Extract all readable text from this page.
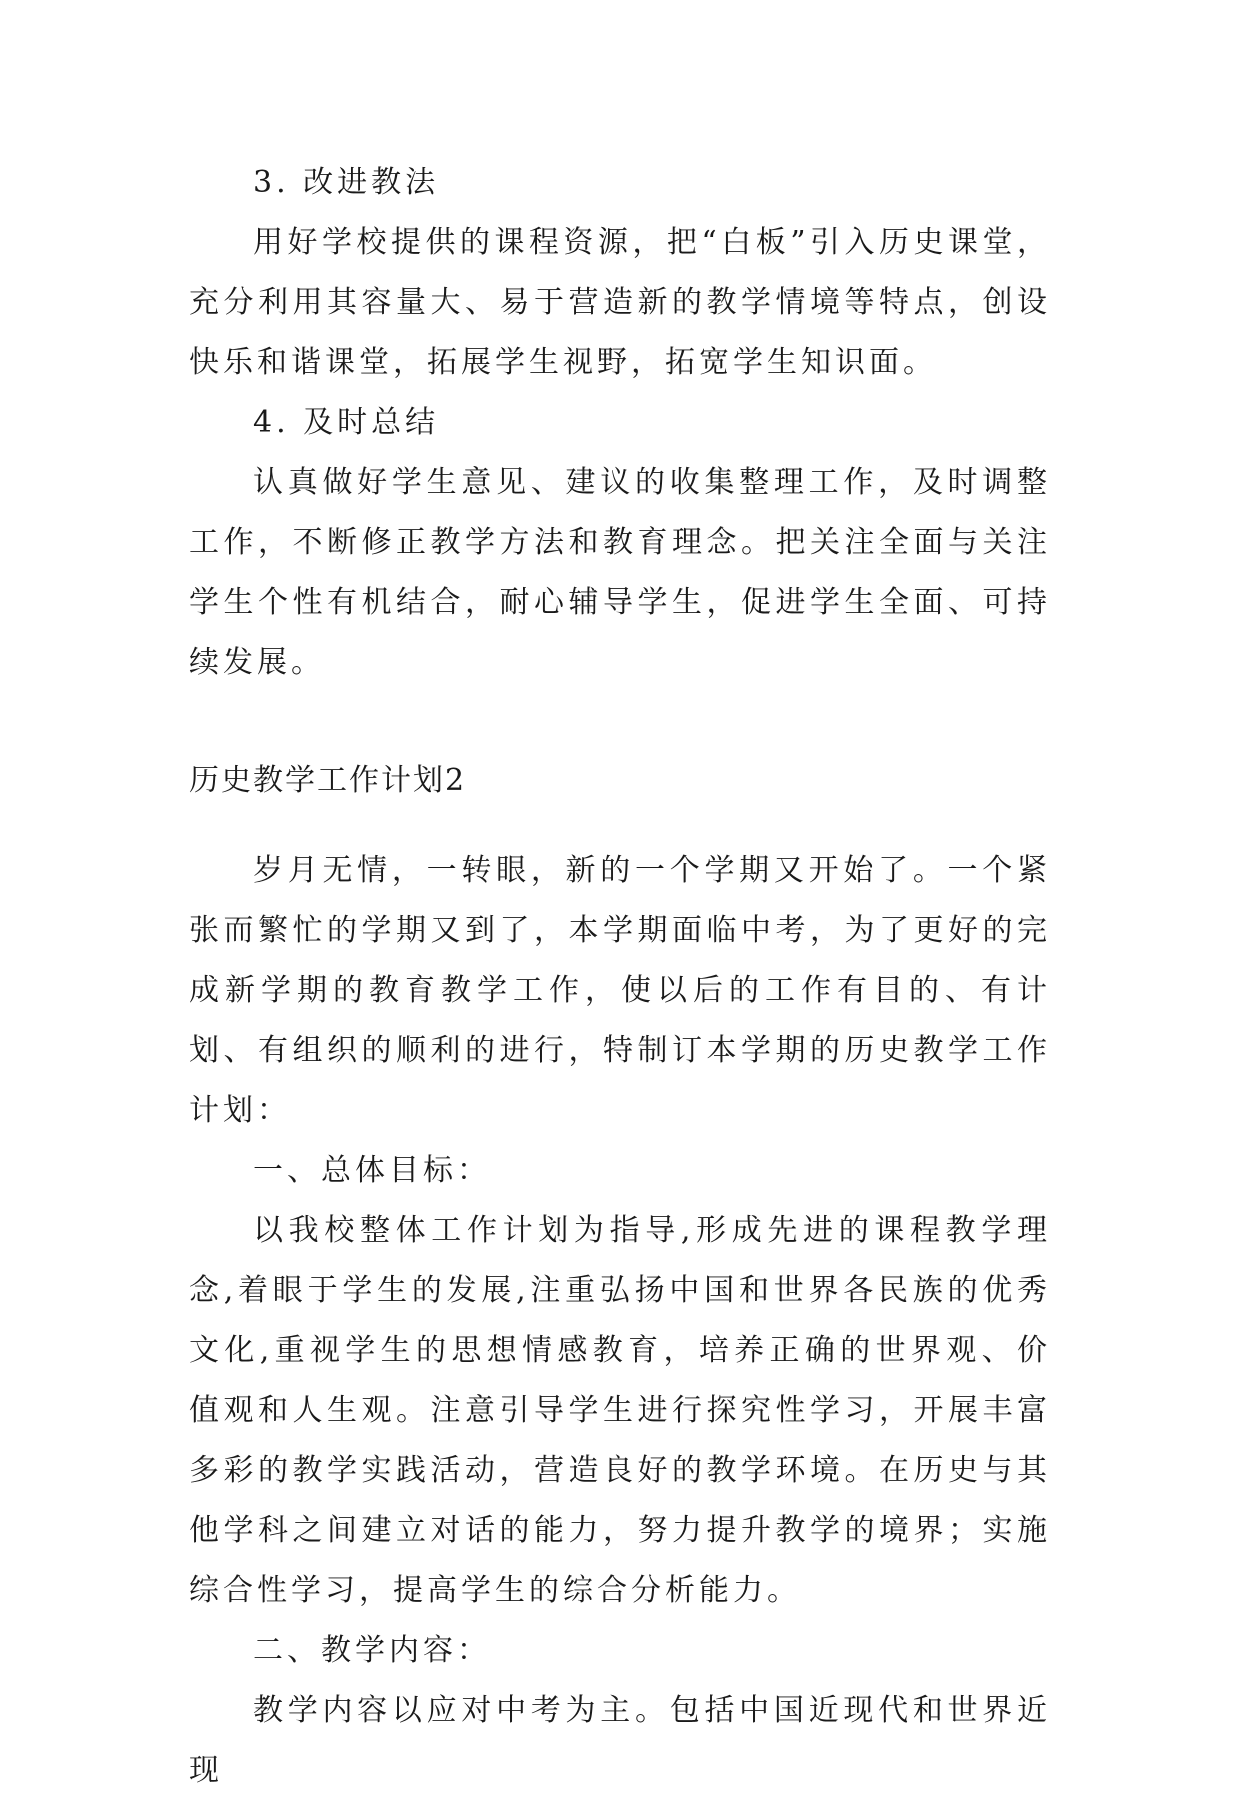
3. 改进教法

用好学校提供的课程资源，把“白板”引入历史课堂，充分利用其容量大、易于营造新的教学情境等特点，创设快乐和谐课堂，拓展学生视野，拓宽学生知识面。

4. 及时总结

认真做好学生意见、建议的收集整理工作，及时调整工作，不断修正教学方法和教育理念。把关注全面与关注学生个性有机结合，耐心辅导学生，促进学生全面、可持续发展。

历史教学工作计划2

岁月无情，一转眼，新的一个学期又开始了。一个紧张而繁忙的学期又到了，本学期面临中考，为了更好的完成新学期的教育教学工作，使以后的工作有目的、有计划、有组织的顺利的进行，特制订本学期的历史教学工作计划：

一、总体目标：

以我校整体工作计划为指导,形成先进的课程教学理念,着眼于学生的发展,注重弘扬中国和世界各民族的优秀文化,重视学生的思想情感教育，培养正确的世界观、价值观和人生观。注意引导学生进行探究性学习，开展丰富多彩的教学实践活动，营造良好的教学环境。在历史与其他学科之间建立对话的能力，努力提升教学的境界；实施综合性学习，提高学生的综合分析能力。

二、教学内容：

教学内容以应对中考为主。包括中国近现代和世界近现
